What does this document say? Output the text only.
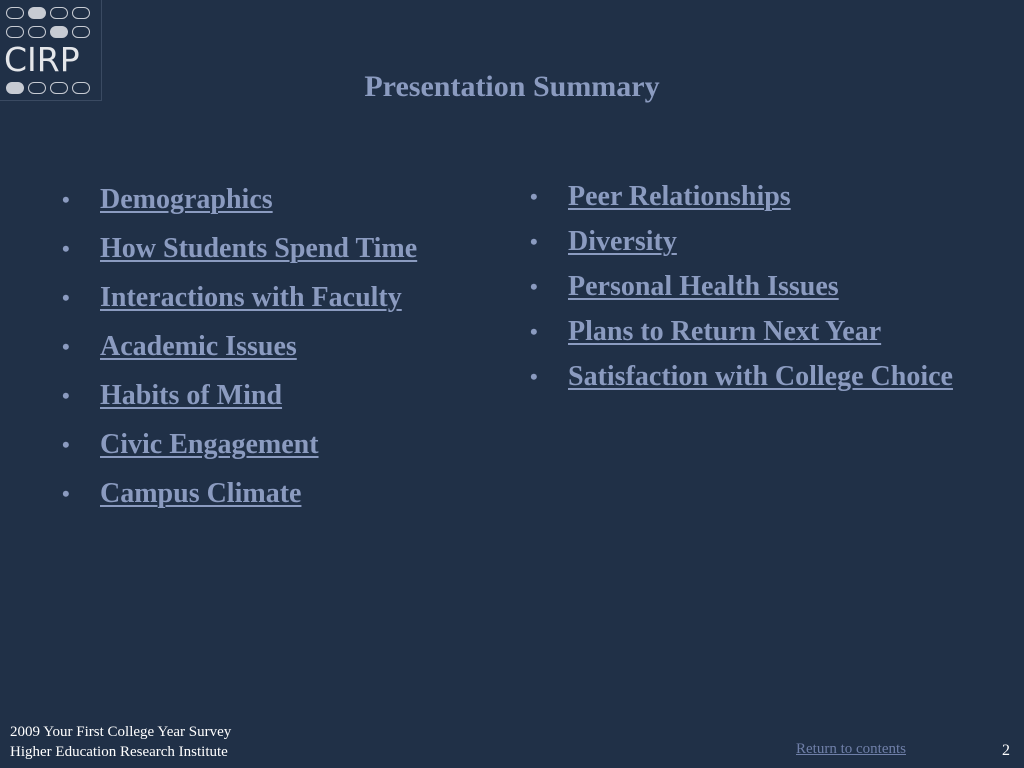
CIRP
Presentation Summary
• Demographics
• How Students Spend Time
• Interactions with Faculty
• Academic Issues
• Habits of Mind
• Civic Engagement
• Campus Climate
• Peer Relationships
• Diversity
• Personal Health Issues
• Plans to Return Next Year
• Satisfaction with College Choice
2009 Your First College Year Survey
Higher Education Research Institute	Return to contents	2
